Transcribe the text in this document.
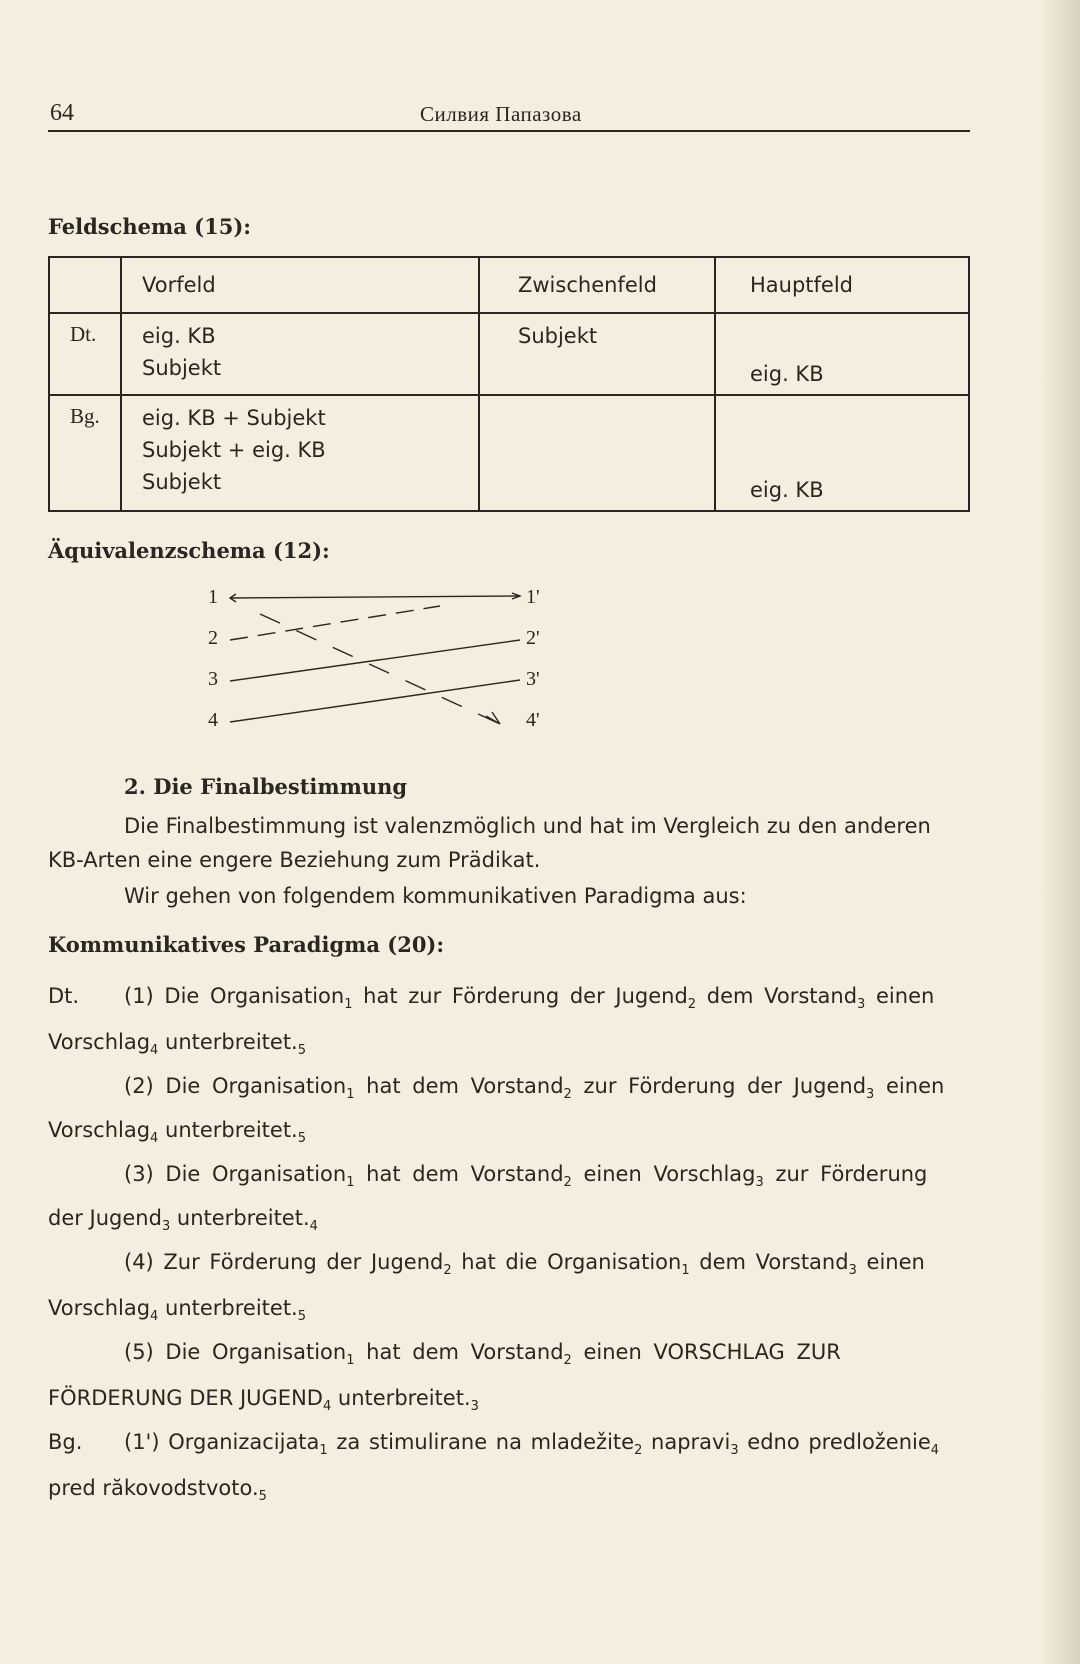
64	Силвия Папазова
Feldschema (15):

	Vorfeld	Zwischenfeld	Hauptfeld

Dt.	eig. KB
Subjekt	Subjekt	eig. KB

Bg.	eig. KB + Subjekt
Subjekt + eig. KB
Subjekt		eig. KB
Äquivalenzschema (12):
1
2
3
4
1'
2'
3'
4'
2. Die Finalbestimmung
Die Finalbestimmung ist valenzmöglich und hat im Vergleich zu den anderen
KB-Arten eine engere Beziehung zum Prädikat.
Wir gehen von folgendem kommunikativen Paradigma aus:
Kommunikatives Paradigma (20):
Dt. (1) Die Organisation$_1$ hat zur Förderung der Jugend$_2$ dem Vorstand$_3$ einen
Vorschlag$_4$ $unterbreitet._5$
(2) Die Organisation$_1$ hat dem Vorstand$_2$ zur Förderung der Jugend$_3$ einen
Vorschlag$_4$ $unterbreitet._5$
(3) Die Organisation$_1$ hat dem Vorstand$_2$ einen Vorschlag$_3$ zur Förderung
der Jugend$_3$ $unterbreitet._4$
(4) Zur Förderung der Jugend$_2$ hat die Organisation$_1$ dem Vorstand$_3$ einen
Vorschlag$_4$ $unterbreitet._5$
(5) Die Organisation$_1$ hat dem Vorstand$_2$ einen VORSCHLAG ZUR
FÖRDERUNG DER $JUGEND_4$ $unterbreitet._3$
Bg. (1') Organizacijata$_1$ za stimulirane na mladežite$_2$ napravi$_3$ edno predloženie$_4$
pred $răkovodstvoto._5$
